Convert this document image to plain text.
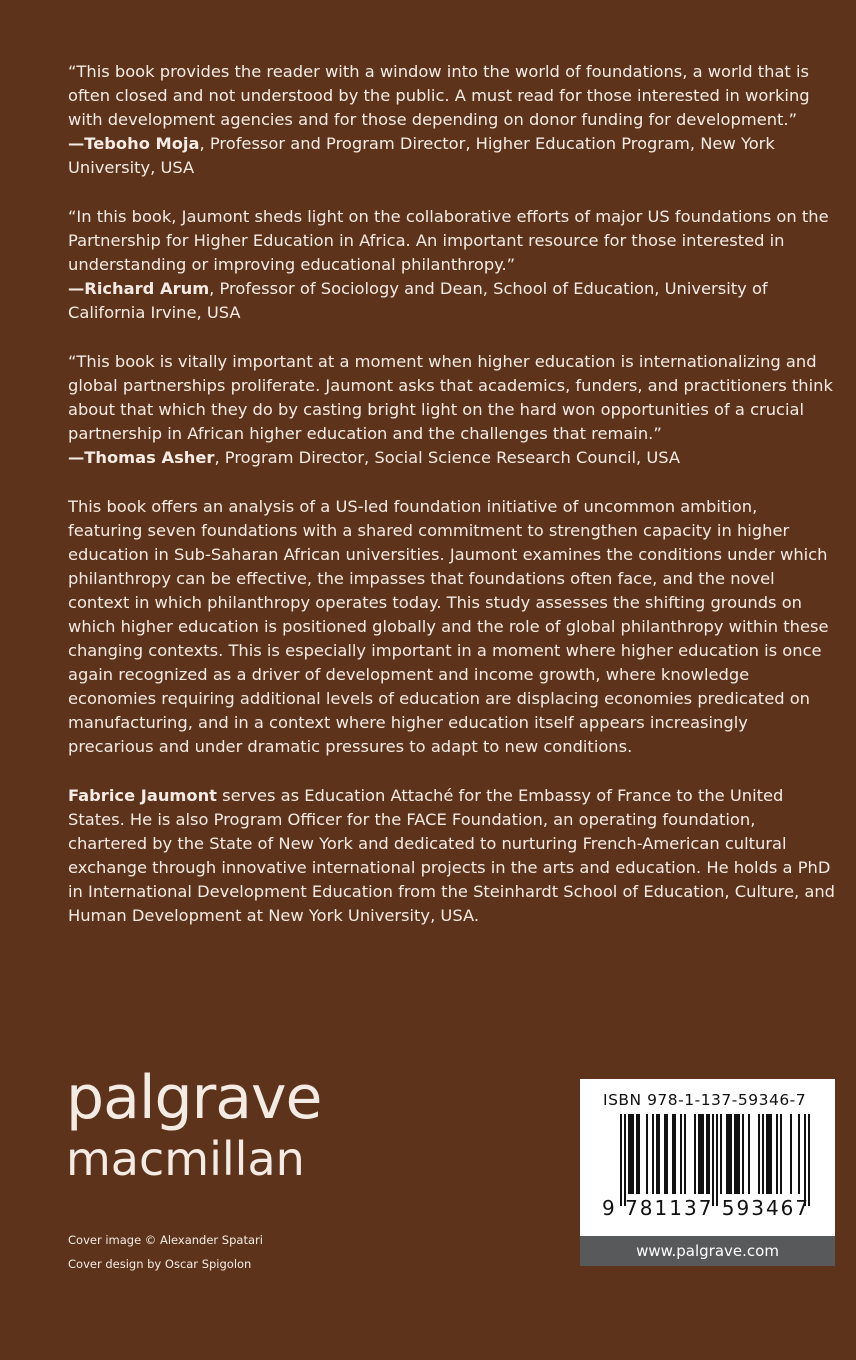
“This book provides the reader with a window into the world of foundations, a world that is often closed and not understood by the public. A must read for those interested in working with development agencies and for those depending on donor funding for development.”

—Teboho Moja, Professor and Program Director, Higher Education Program, New York University, USA

“In this book, Jaumont sheds light on the collaborative efforts of major US foundations on the Partnership for Higher Education in Africa. An important resource for those interested in understanding or improving educational philanthropy.”

—Richard Arum, Professor of Sociology and Dean, School of Education, University of California Irvine, USA

“This book is vitally important at a moment when higher education is internationalizing and global partnerships proliferate. Jaumont asks that academics, funders, and practitioners think about that which they do by casting bright light on the hard won opportunities of a crucial partnership in African higher education and the challenges that remain.”

—Thomas Asher, Program Director, Social Science Research Council, USA

This book offers an analysis of a US-led foundation initiative of uncommon ambition, featuring seven foundations with a shared commitment to strengthen capacity in higher education in Sub-Saharan African universities. Jaumont examines the conditions under which philanthropy can be effective, the impasses that foundations often face, and the novel context in which philanthropy operates today. This study assesses the shifting grounds on which higher education is positioned globally and the role of global philanthropy within these changing contexts. This is especially important in a moment where higher education is once again recognized as a driver of development and income growth, where knowledge economies requiring additional levels of education are displacing economies predicated on manufacturing, and in a context where higher education itself appears increasingly precarious and under dramatic pressures to adapt to new conditions.

Fabrice Jaumont serves as Education Attaché for the Embassy of France to the United States. He is also Program Officer for the FACE Foundation, an operating foundation, chartered by the State of New York and dedicated to nurturing French-American cultural exchange through innovative international projects in the arts and education. He holds a PhD in International Development Education from the Steinhardt School of Education, Culture, and Human Development at New York University, USA.

palgrave
macmillan
Cover image © Alexander Spatari
Cover design by Oscar Spigolon
ISBN 978-1-137-59346-7
9 781137 593467
www.palgrave.com
